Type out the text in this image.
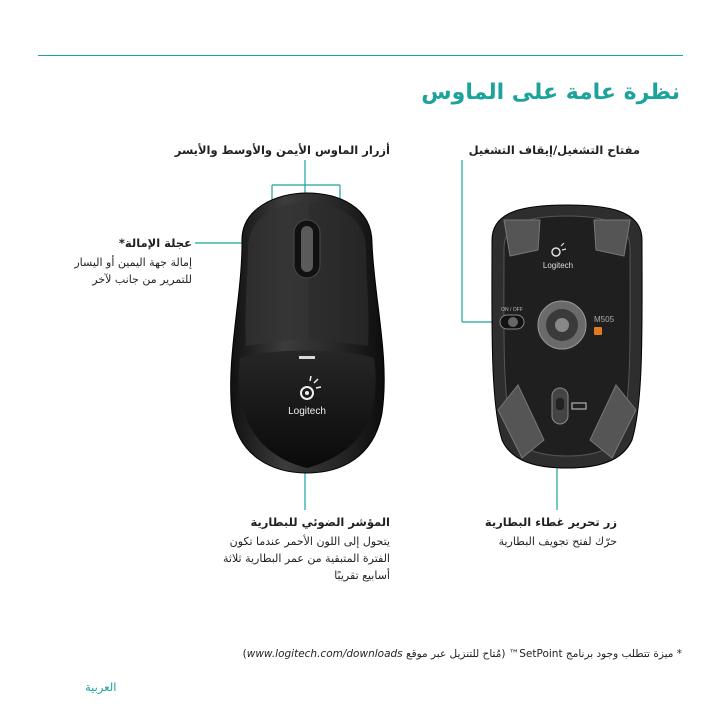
نظرة عامة على الماوس
أزرار الماوس الأيمن والأوسط والأيسر
عجلة الإمالة*
إمالة جهة اليمين أو اليسار
للتمرير من جانب لآخر
المؤشر الضوئي للبطارية
يتحول إلى اللون الأحمر عندما تكون
الفترة المتبقية من عمر البطارية ثلاثة
أسابيع تقريبًا
مفتاح التشغيل/إيقاف التشغيل
زر تحرير غطاء البطارية
حرّك لفتح تجويف البطارية
Logitech
Logitech
ON / OFF
M505
* ميزة تتطلب وجود برنامج SetPoint™ (مُتاح للتنزيل عبر موقع www.logitech.com/downloads)
العربية
